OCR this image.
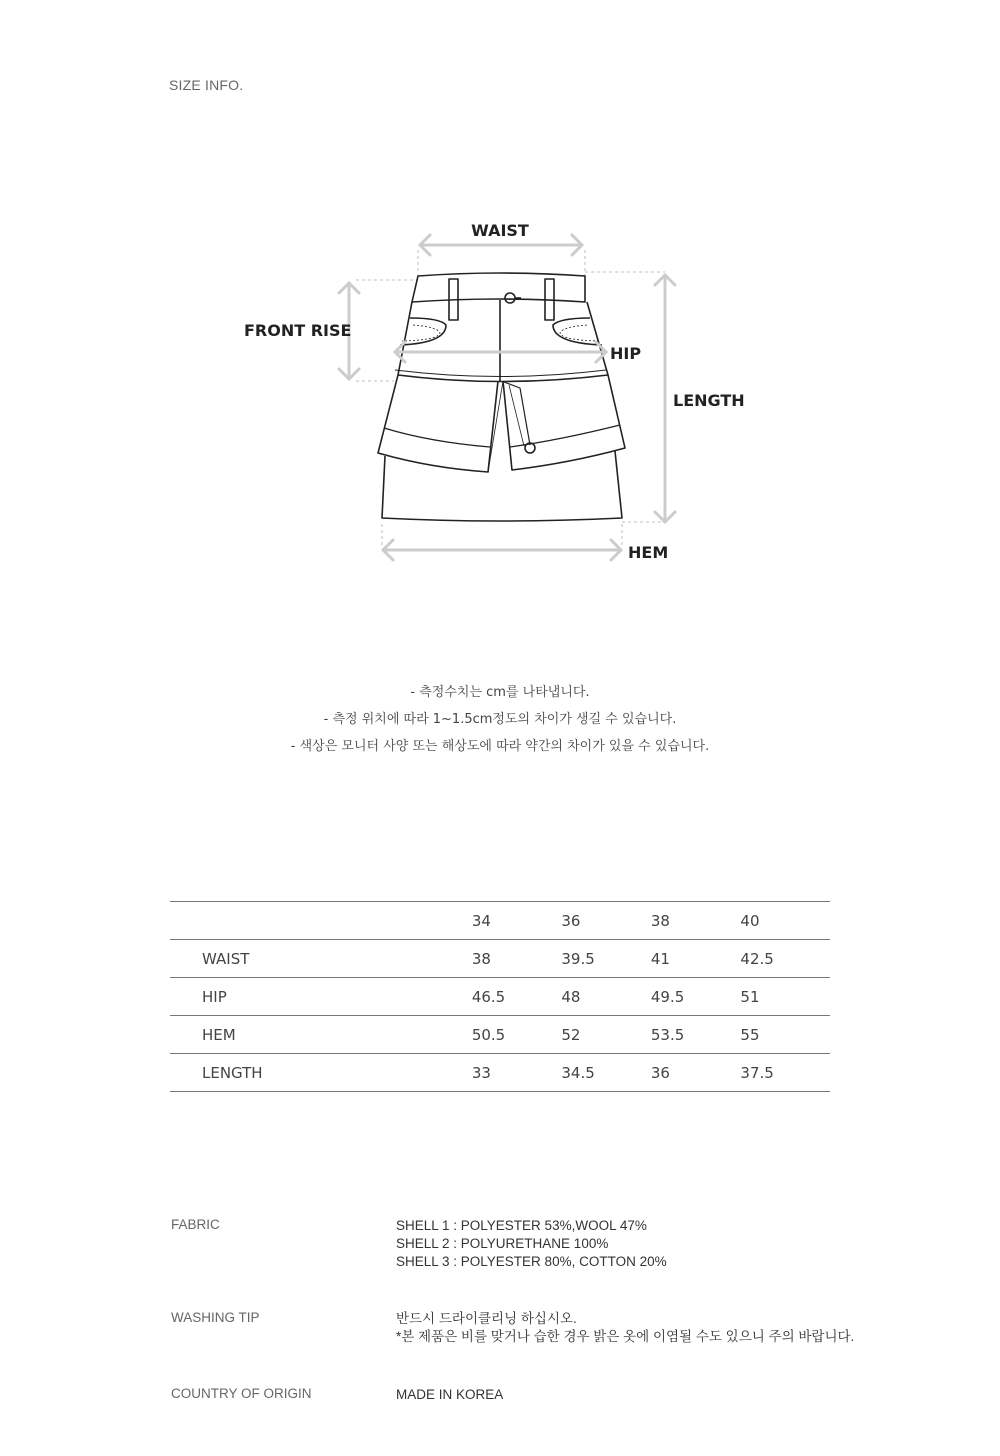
SIZE INFO.
WAIST
FRONT RISE
HIP
LENGTH
HEM
- 측정수치는 cm를 나타냅니다.
- 측정 위치에 따라 1~1.5cm정도의 차이가 생길 수 있습니다.
- 색상은 모니터 사양 또는 해상도에 따라 약간의 차이가 있을 수 있습니다.
	34	36	38	40
WAIST	38	39.5	41	42.5
HIP	46.5	48	49.5	51
HEM	50.5	52	53.5	55
LENGTH	33	34.5	36	37.5
FABRIC	SHELL 1 : POLYESTER 53%,WOOL 47%
SHELL 2 : POLYURETHANE 100%
SHELL 3 : POLYESTER 80%, COTTON 20%
WASHING TIP	반드시 드라이클리닝 하십시오.
*본 제품은 비를 맞거나 습한 경우 밝은 옷에 이염될 수도 있으니 주의 바랍니다.
COUNTRY OF ORIGIN	MADE IN KOREA
